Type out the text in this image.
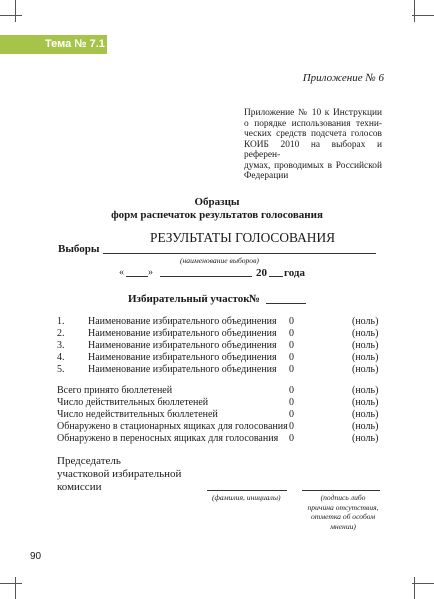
Тема № 7.1
Приложение № 6
Приложение № 10 к Инструкции
о порядке использования техни-
ческих средств подсчета голосов
КОИБ 2010 на выборах и референ-
думах, проводимых в Российской
Федерации
Образцы
форм распечаток результатов голосования
РЕЗУЛЬТАТЫ ГОЛОСОВАНИЯ
Выборы
(наименование выборов)
« »	20 года
Избирательный участок №
1. Наименование избирательного объединения 0	(ноль)
2. Наименование избирательного объединения 0	(ноль)
3. Наименование избирательного объединения 0	(ноль)
4. Наименование избирательного объединения 0	(ноль)
5. Наименование избирательного объединения 0	(ноль)
Всего принято бюллетеней	0	(ноль)
Число действительных бюллетеней	0	(ноль)
Число недействительных бюллетеней	0	(ноль)
Обнаружено в стационарных ящиках для голосования 0	(ноль)
Обнаружено в переносных ящиках для голосования 0	(ноль)
Председатель
участковой избирательной
комиссии
(фамилия, инициалы)	(подпись либо
причина отсутствия,
отметка об особом
мнении)
90
